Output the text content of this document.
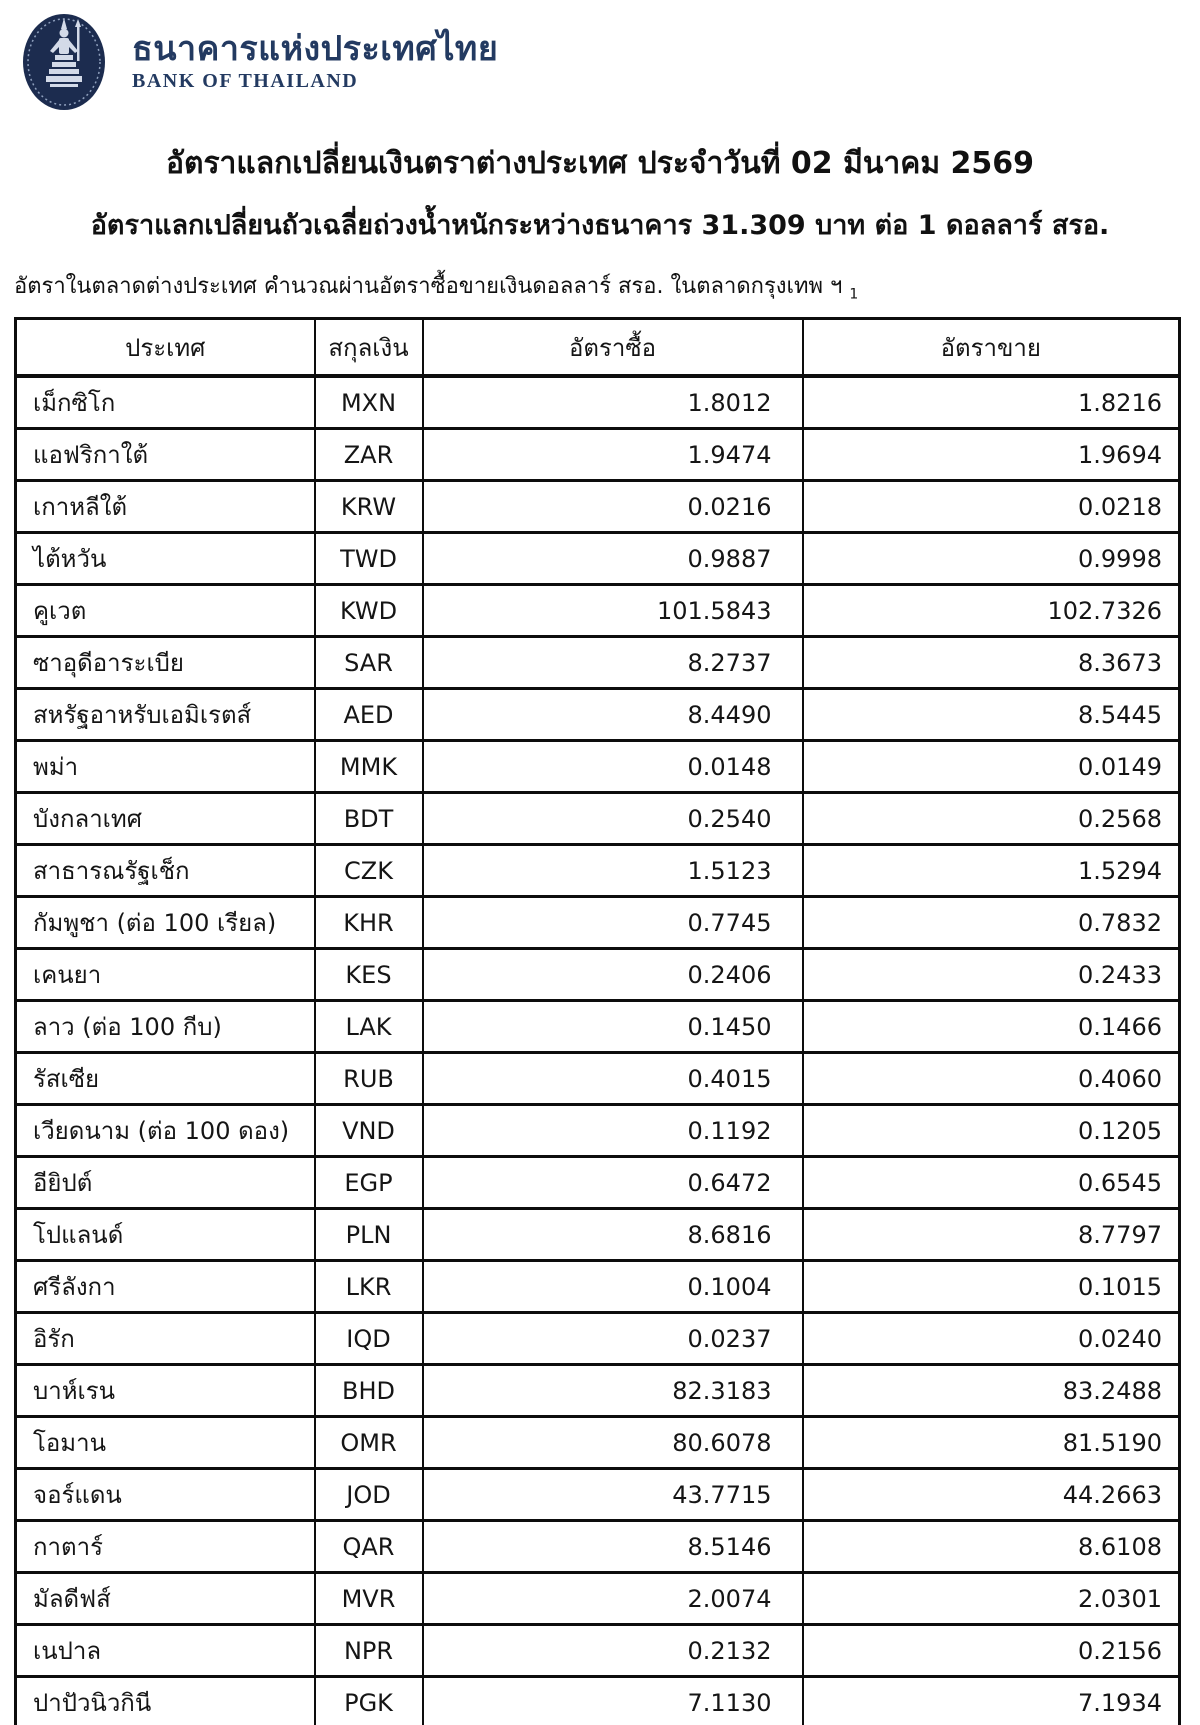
ธนาคารแห่งประเทศไทย
BANK OF THAILAND
อัตราแลกเปลี่ยนเงินตราต่างประเทศ ประจำวันที่ 02 มีนาคม 2569
อัตราแลกเปลี่ยนถัวเฉลี่ยถ่วงน้ำหนักระหว่างธนาคาร 31.309 บาท ต่อ 1 ดอลลาร์ สรอ.
อัตราในตลาดต่างประเทศ คำนวณผ่านอัตราซื้อขายเงินดอลลาร์ สรอ. ในตลาดกรุงเทพ ฯ $_1$
ประเทศ	สกุลเงิน	อัตราซื้อ	อัตราขาย
เม็กซิโก	MXN	1.8012	1.8216
แอฟริกาใต้	ZAR	1.9474	1.9694
เกาหลีใต้	KRW	0.0216	0.0218
ไต้หวัน	TWD	0.9887	0.9998
คูเวต	KWD	101.5843	102.7326
ซาอุดีอาระเบีย	SAR	8.2737	8.3673
สหรัฐอาหรับเอมิเรตส์	AED	8.4490	8.5445
พม่า	MMK	0.0148	0.0149
บังกลาเทศ	BDT	0.2540	0.2568
สาธารณรัฐเช็ก	CZK	1.5123	1.5294
กัมพูชา (ต่อ 100 เรียล)	KHR	0.7745	0.7832
เคนยา	KES	0.2406	0.2433
ลาว (ต่อ 100 กีบ)	LAK	0.1450	0.1466
รัสเซีย	RUB	0.4015	0.4060
เวียดนาม (ต่อ 100 ดอง)	VND	0.1192	0.1205
อียิปต์	EGP	0.6472	0.6545
โปแลนด์	PLN	8.6816	8.7797
ศรีลังกา	LKR	0.1004	0.1015
อิรัก	IQD	0.0237	0.0240
บาห์เรน	BHD	82.3183	83.2488
โอมาน	OMR	80.6078	81.5190
จอร์แดน	JOD	43.7715	44.2663
กาตาร์	QAR	8.5146	8.6108
มัลดีฟส์	MVR	2.0074	2.0301
เนปาล	NPR	0.2132	0.2156
ปาปัวนิวกินี	PGK	7.1130	7.1934
